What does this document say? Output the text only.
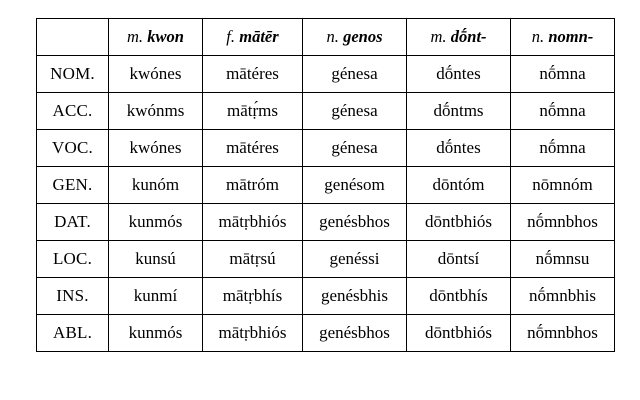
	m. kwon	f. mātēr	n. genos	m. dṓnt-	n. nomn-
NOM.	kwónes	mātéres	génesa	dṓntes	nṓmna
ACC.	kwónms	mātṛ́ms	génesa	dṓntms	nṓmna
VOC.	kwónes	mātéres	génesa	dṓntes	nṓmna
GEN.	kunóm	mātróm	genésom	dōntóm	nōmnóm
DAT.	kunmós	mātṛbhiós	genésbhos	dōntbhiós	nṓmnbhos
LOC.	kunsú	mātṛsú	genéssi	dōntsí	nṓmnsu
INS.	kunmí	mātṛbhís	genésbhis	dōntbhís	nṓmnbhis
ABL.	kunmós	mātṛbhiós	genésbhos	dōntbhiós	nṓmnbhos
